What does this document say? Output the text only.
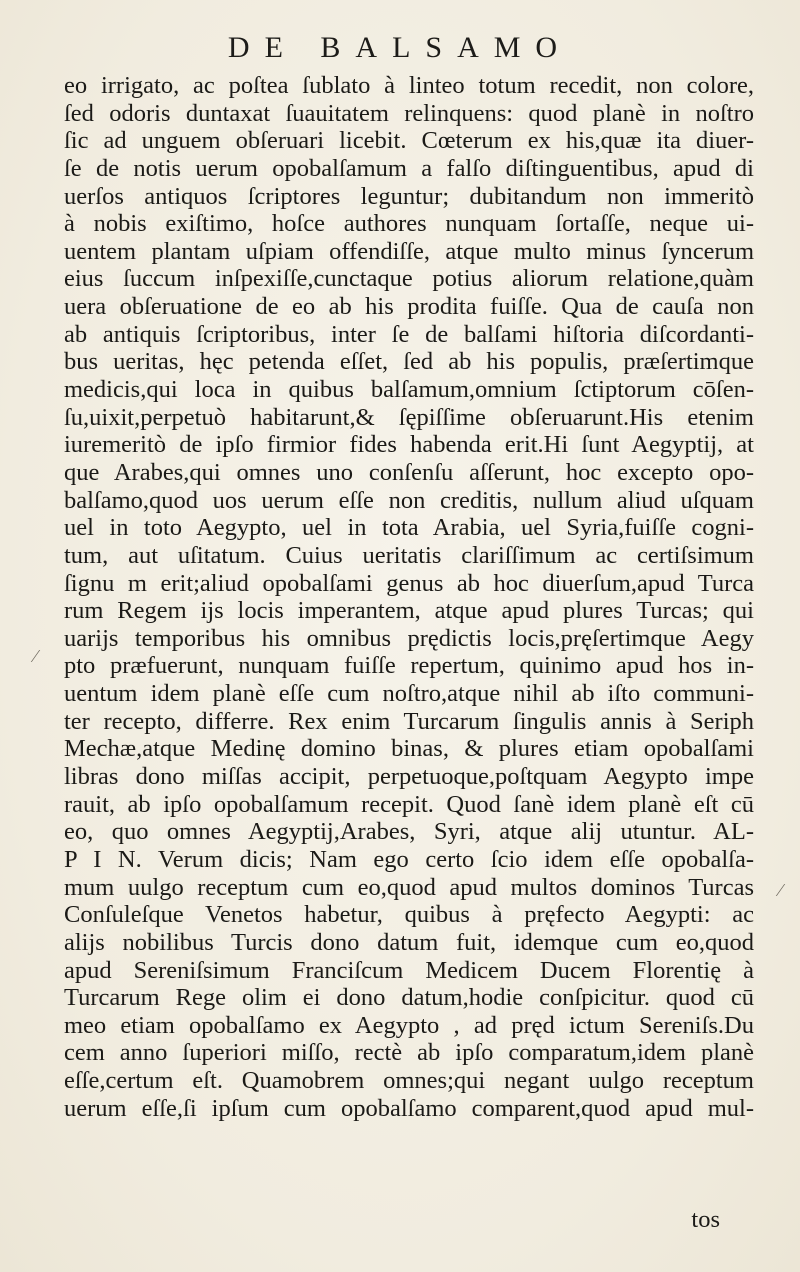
DE BALSAMO
eo irrigato, ac poſtea ſublato à linteo totum recedit, non colore,
ſed odoris duntaxat ſuauitatem relinquens: quod planè in noſtro
ſic ad unguem obſeruari licebit. Cœterum ex his,quæ ita diuer-
ſe de notis uerum opobalſamum a falſo diſtinguentibus, apud di
uerſos antiquos ſcriptores leguntur; dubitandum non immeritò
à nobis exiſtimo, hoſce authores nunquam ſortaſſe, neque ui-
uentem plantam uſpiam offendiſſe, atque multo minus ſyncerum
eius ſuccum inſpexiſſe,cunctaque potius aliorum relatione,quàm
uera obſeruatione de eo ab his prodita fuiſſe. Qua de cauſa non
ab antiquis ſcriptoribus, inter ſe de balſami hiſtoria diſcordanti-
bus ueritas, hęc petenda eſſet, ſed ab his populis, præſertimque
medicis,qui loca in quibus balſamum,omnium ſctiptorum cōſen-
ſu,uixit,perpetuò habitarunt,& ſępiſſime obſeruarunt.His etenim
iuremeritò de ipſo firmior fides habenda erit.Hi ſunt Aegyptij, at
que Arabes,qui omnes uno conſenſu aſſerunt, hoc excepto opo-
balſamo,quod uos uerum eſſe non creditis, nullum aliud uſquam
uel in toto Aegypto, uel in tota Arabia, uel Syria,fuiſſe cogni-
tum, aut uſitatum. Cuius ueritatis clariſſimum ac certiſsimum
ſignu m erit;aliud opobalſami genus ab hoc diuerſum,apud Turca
rum Regem ijs locis imperantem, atque apud plures Turcas; qui
uarijs temporibus his omnibus prędictis locis,pręſertimque Aegy
pto præfuerunt, nunquam fuiſſe repertum, quinimo apud hos in-
uentum idem planè eſſe cum noſtro,atque nihil ab iſto communi-
ter recepto, differre. Rex enim Turcarum ſingulis annis à Seriph
Mechæ,atque Medinę domino binas, & plures etiam opobalſami
libras dono miſſas accipit, perpetuoque,poſtquam Aegypto impe
rauit, ab ipſo opobalſamum recepit. Quod ſanè idem planè eſt cū
eo, quo omnes Aegyptij,Arabes, Syri, atque alij utuntur. AL-
P I N. Verum dicis; Nam ego certo ſcio idem eſſe opobalſa-
mum uulgo receptum cum eo,quod apud multos dominos Turcas
Conſuleſque Venetos habetur, quibus à pręfecto Aegypti: ac
alijs nobilibus Turcis dono datum fuit, idemque cum eo,quod
apud Sereniſsimum Franciſcum Medicem Ducem Florentię à
Turcarum Rege olim ei dono datum,hodie conſpicitur. quod cū
meo etiam opobalſamo ex Aegypto , ad pręd ictum Sereniſs.Du
cem anno ſuperiori miſſo, rectè ab ipſo comparatum,idem planè
eſſe,certum eſt. Quamobrem omnes;qui negant uulgo receptum
uerum eſſe,ſi ipſum cum opobalſamo comparent,quod apud mul-
⁄
⁄
tos
